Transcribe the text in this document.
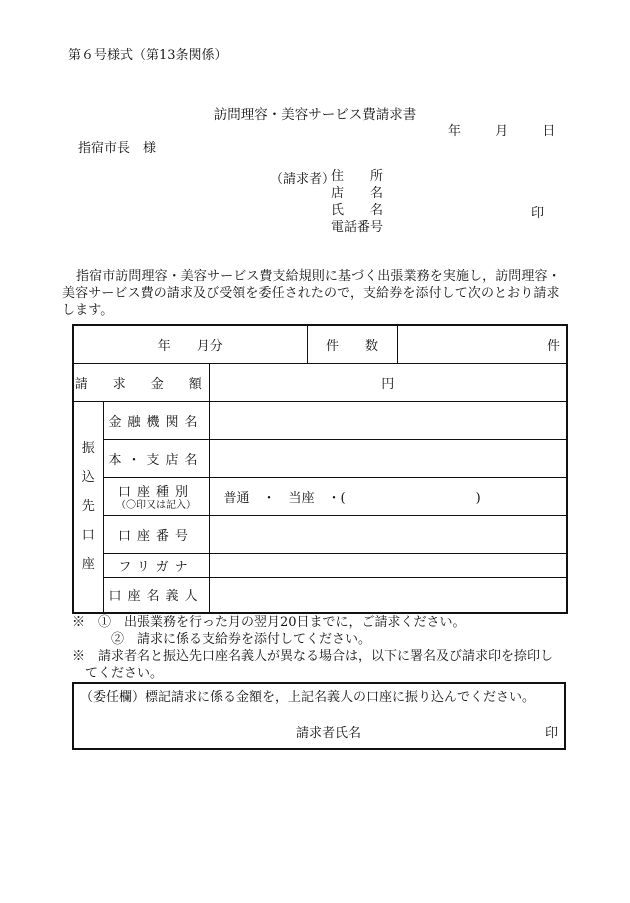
第６号様式（第13条関係）
訪問理容・美容サービス費請求書
年	月	日
指宿市長　様
（請求者）
住　　所
店　　名
氏　　名
電話番号
印
指宿市訪問理容・美容サービス費支給規則に基づく出張業務を実施し，訪問理容・美容サービス費の請求及び受領を委任されたので，支給券を添付して次のとおり請求します。
年　　月分			件　　数	件
請　求　金　額		円		

振
込
先
口
座	金融機関名			
	本・支店名			
	口座種別
（〇印又は記入）	普通　・　当座　・(　　　　　　　　　　)		
	口座番号			
	フリガナ			
	口座名義人			
※　①　出張業務を行った月の翌月20日までに，ご請求ください。
　　　②　請求に係る支給券を添付してください。
※　請求者名と振込先口座名義人が異なる場合は，以下に署名及び請求印を捺印し
　てください。
（委任欄）標記請求に係る金額を，上記名義人の口座に振り込んでください。
請求者氏名	印
